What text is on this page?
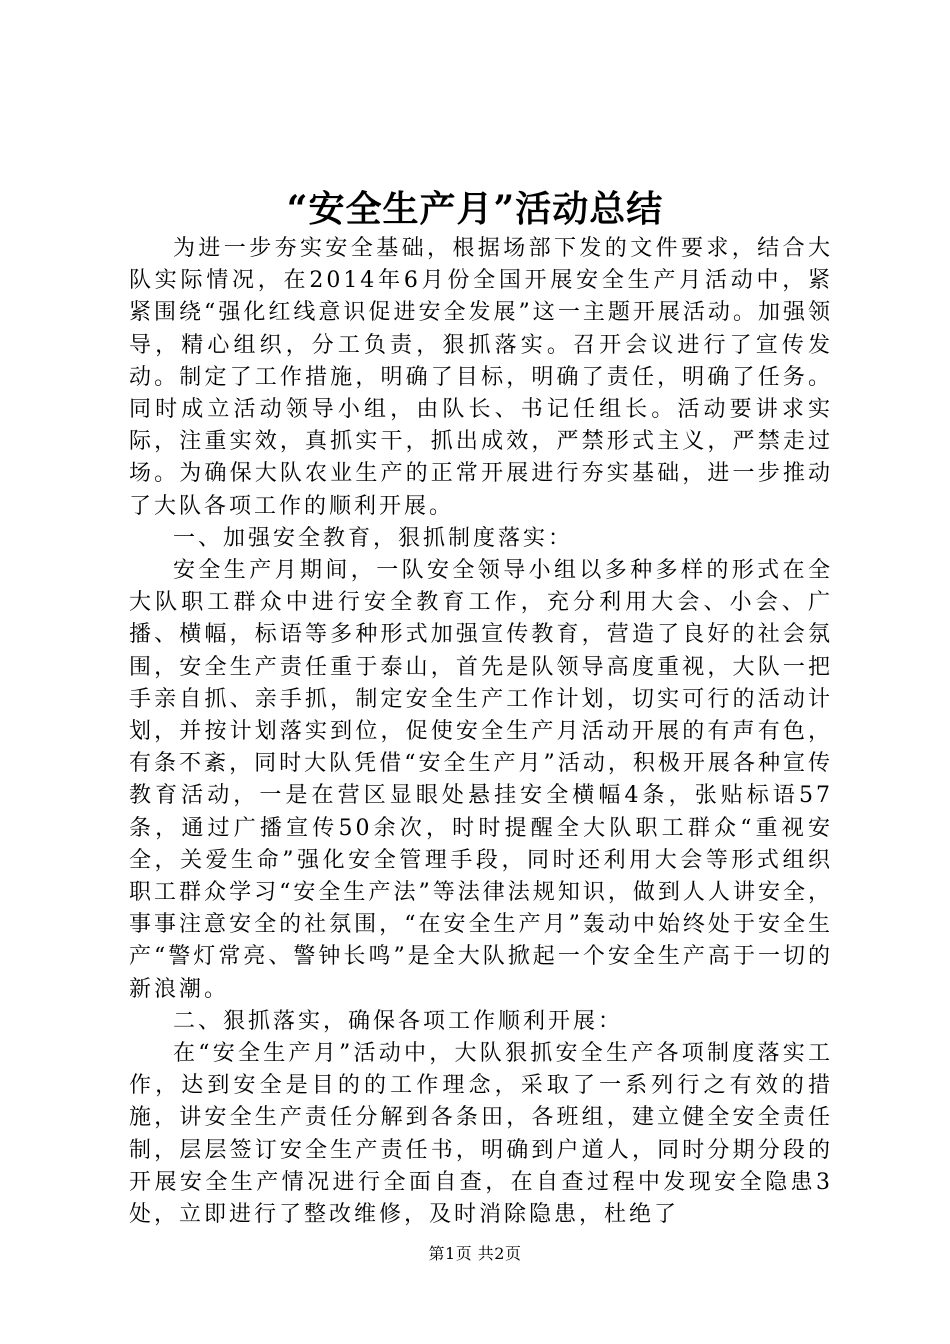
“安全生产月”活动总结

为进一步夯实安全基础，根据场部下发的文件要求，结合大队实际情况，在2014年6月份全国开展安全生产月活动中，紧紧围绕“强化红线意识促进安全发展”这一主题开展活动。加强领导，精心组织，分工负责，狠抓落实。召开会议进行了宣传发动。制定了工作措施，明确了目标，明确了责任，明确了任务。同时成立活动领导小组，由队长、书记任组长。活动要讲求实际，注重实效，真抓实干，抓出成效，严禁形式主义，严禁走过场。为确保大队农业生产的正常开展进行夯实基础，进一步推动了大队各项工作的顺利开展。

一、加强安全教育，狠抓制度落实：

安全生产月期间，一队安全领导小组以多种多样的形式在全大队职工群众中进行安全教育工作，充分利用大会、小会、广播、横幅，标语等多种形式加强宣传教育，营造了良好的社会氛围，安全生产责任重于泰山，首先是队领导高度重视，大队一把手亲自抓、亲手抓，制定安全生产工作计划，切实可行的活动计划，并按计划落实到位，促使安全生产月活动开展的有声有色，有条不紊，同时大队凭借“安全生产月”活动，积极开展各种宣传教育活动，一是在营区显眼处悬挂安全横幅4条，张贴标语57条，通过广播宣传50余次，时时提醒全大队职工群众“重视安全，关爱生命”强化安全管理手段，同时还利用大会等形式组织职工群众学习“安全生产法”等法律法规知识，做到人人讲安全，事事注意安全的社氛围，“在安全生产月”轰动中始终处于安全生产“警灯常亮、警钟长鸣”是全大队掀起一个安全生产高于一切的新浪潮。

二、狠抓落实，确保各项工作顺利开展：

在“安全生产月”活动中，大队狠抓安全生产各项制度落实工作，达到安全是目的的工作理念，采取了一系列行之有效的措施，讲安全生产责任分解到各条田，各班组，建立健全安全责任制，层层签订安全生产责任书，明确到户道人，同时分期分段的开展安全生产情况进行全面自查，在自查过程中发现安全隐患3处，立即进行了整改维修，及时消除隐患，杜绝了

第1页 共2页
